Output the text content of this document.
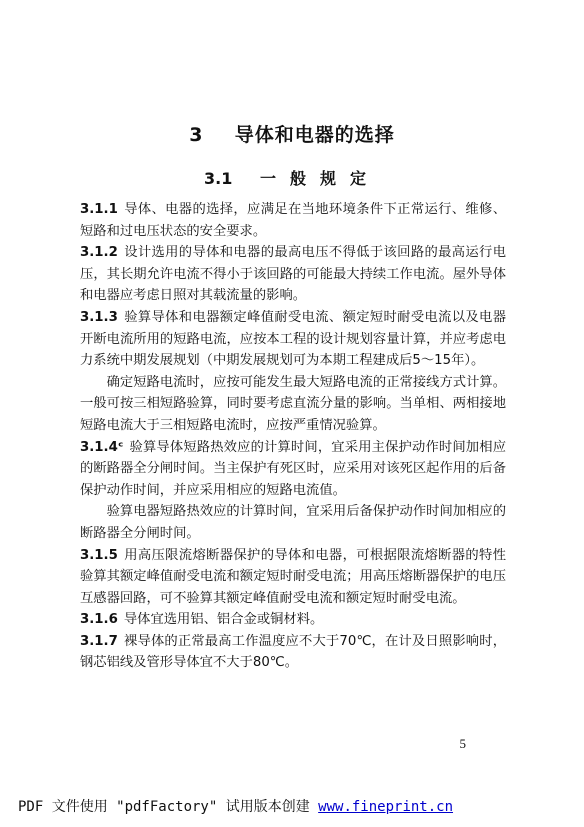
3 导体和电器的选择
3.1 一般规定

3.1.1 导体、电器的选择，应满足在当地环境条件下正常运行、维修、短路和过电压状态的安全要求。

3.1.2 设计选用的导体和电器的最高电压不得低于该回路的最高运行电压，其长期允许电流不得小于该回路的可能最大持续工作电流。屋外导体和电器应考虑日照对其载流量的影响。

3.1.3 验算导体和电器额定峰值耐受电流、额定短时耐受电流以及电器开断电流所用的短路电流，应按本工程的设计规划容量计算，并应考虑电力系统中期发展规划（中期发展规划可为本期工程建成后5～15年）。

确定短路电流时，应按可能发生最大短路电流的正常接线方式计算。一般可按三相短路验算，同时要考虑直流分量的影响。当单相、两相接地短路电流大于三相短路电流时，应按严重情况验算。

3.1.4ᶜ 验算导体短路热效应的计算时间，宜采用主保护动作时间加相应的断路器全分闸时间。当主保护有死区时，应采用对该死区起作用的后备保护动作时间，并应采用相应的短路电流值。

验算电器短路热效应的计算时间，宜采用后备保护动作时间加相应的断路器全分闸时间。

3.1.5 用高压限流熔断器保护的导体和电器，可根据限流熔断器的特性验算其额定峰值耐受电流和额定短时耐受电流；用高压熔断器保护的电压互感器回路，可不验算其额定峰值耐受电流和额定短时耐受电流。

3.1.6 导体宜选用铝、铝合金或铜材料。

3.1.7 裸导体的正常最高工作温度应不大于70℃，在计及日照影响时，钢芯铝线及管形导体宜不大于80℃。

5
PDF 文件使用 "pdfFactory" 试用版本创建 www.fineprint.cn
